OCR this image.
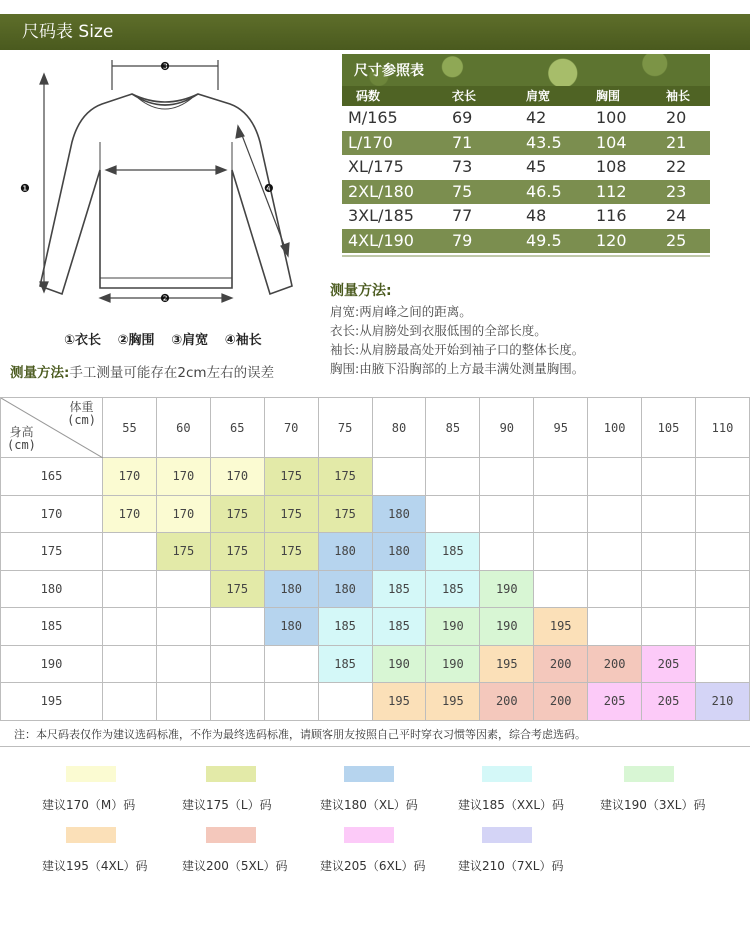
尺码表 Size
❸
❶
❷
❹
①衣长 ②胸围 ③肩宽 ④袖长
测量方法:手工测量可能存在2cm左右的误差
尺寸参照表
码数	衣长	肩宽	胸围	袖长
M/165	69	42	100	20
L/170	71	43.5	104	21
XL/175	73	45	108	22
2XL/180	75	46.5	112	23
3XL/185	77	48	116	24
4XL/190	79	49.5	120	25
测量方法:
肩宽:两肩峰之间的距离。
衣长:从肩膀处到衣服低围的全部长度。
袖长:从肩膀最高处开始到袖子口的整体长度。
胸围:由腋下沿胸部的上方最丰满处测量胸围。
体重
(cm)
身高
(cm)	55	60	65	70	75	80	85	90	95	100	105	110
165	170	170	170	175	175							
170	170	170	175	175	175	180						
175		175	175	175	180	180	185					
180			175	180	180	185	185	190				
185				180	185	185	190	190	195			
190					185	190	190	195	200	200	205	
195						195	195	200	200	205	205	210
注：本尺码表仅作为建议选码标准，不作为最终选码标准，请顾客朋友按照自己平时穿衣习惯等因素，综合考虑选码。
建议170（M）码	建议175（L）码	建议180（XL）码	建议185（XXL）码	建议190（3XL）码
建议195（4XL）码	建议200（5XL）码	建议205（6XL）码	建议210（7XL）码
